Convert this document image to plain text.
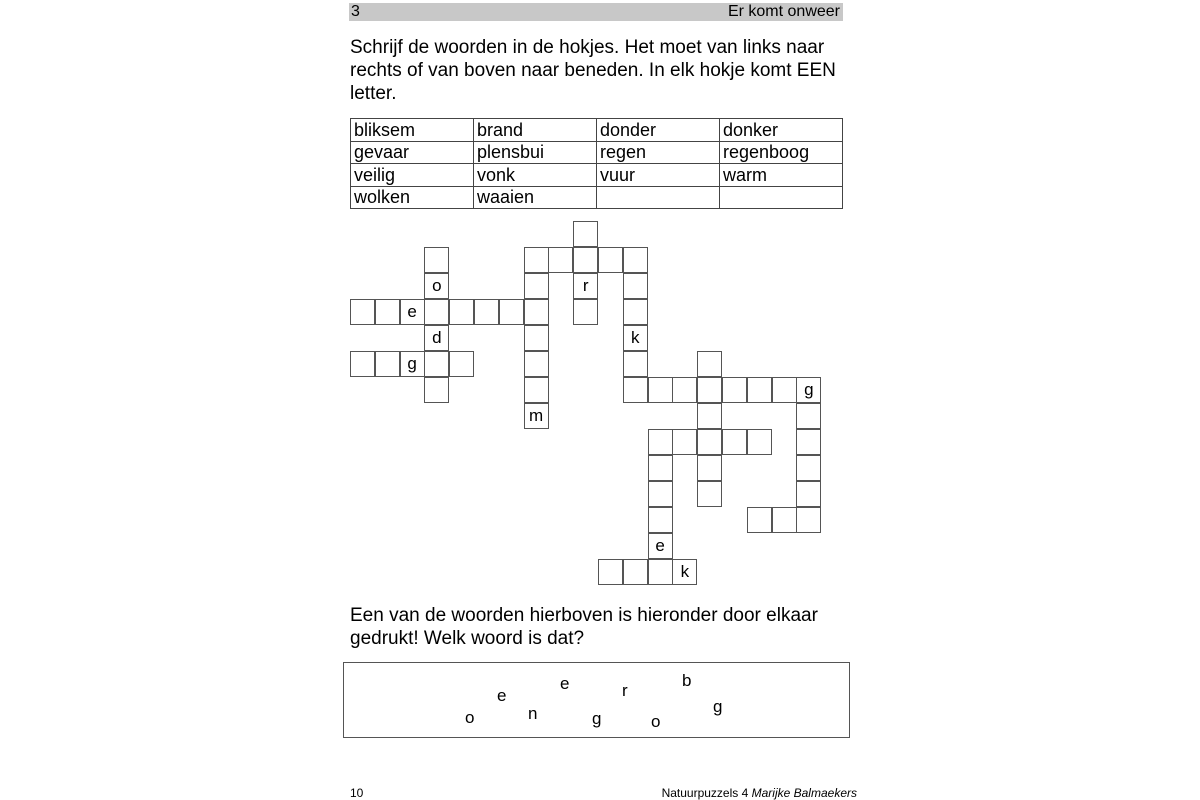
3	Er komt onweer

Schrijf de woorden in de hokjes. Het moet van links naar rechts of van boven naar beneden. In elk hokje komt EEN letter.

bliksem	brand	donder	donker
gevaar	plensbui	regen	regenboog
veilig	vonk	vuur	warm
wolken	waaien		
o
d
e
g
m
r
k
g
e
k

Een van de woorden hierboven is hieronder door elkaar gedrukt! Welk woord is dat?

e	r
b
e
g
o	n	g	o
10	Natuurpuzzels 4 Marijke Balmaekers
